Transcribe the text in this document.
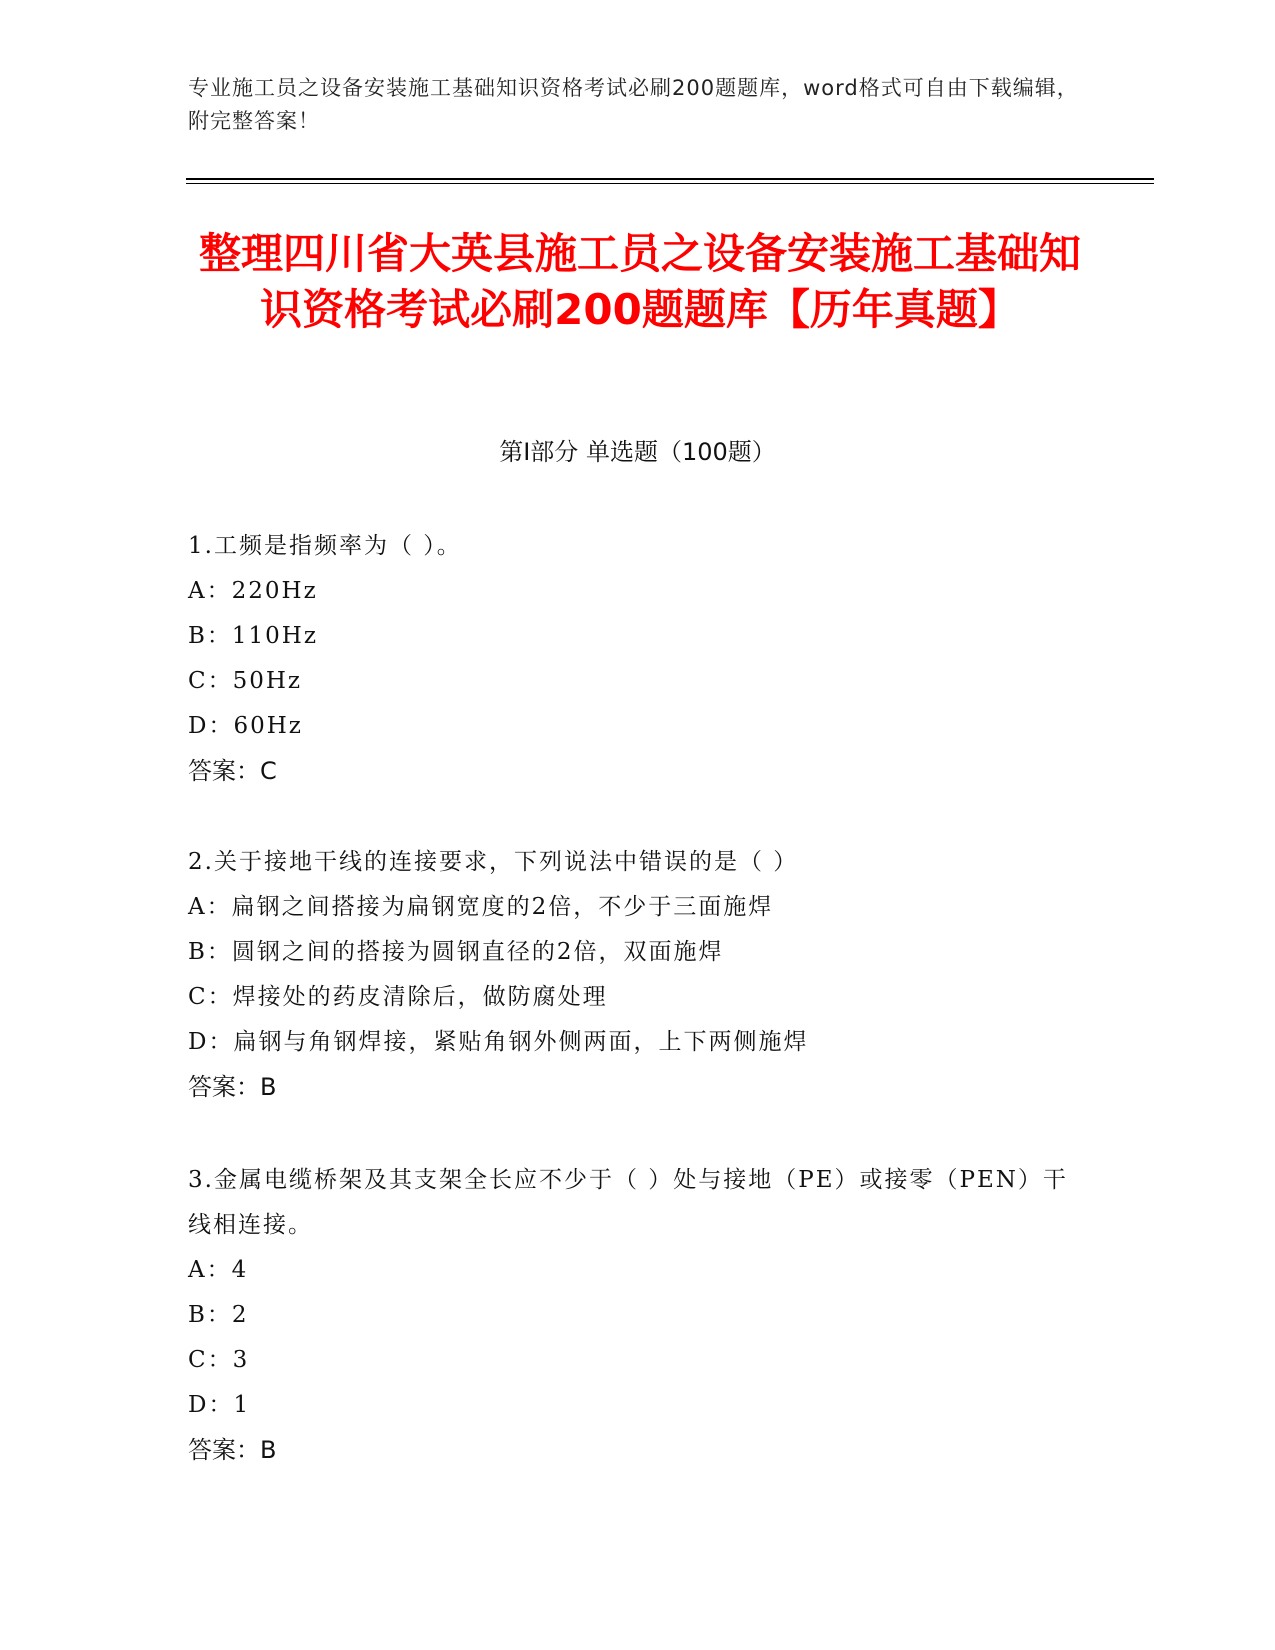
专业施工员之设备安装施工基础知识资格考试必刷200题题库，word格式可自由下载编辑，附完整答案！

整理四川省大英县施工员之设备安装施工基础知识资格考试必刷200题题库【历年真题】
第Ⅰ部分 单选题（100题）

1.工频是指频率为（ ）。

A：220Hz

B：110Hz

C：50Hz

D：60Hz

答案：C

2.关于接地干线的连接要求，下列说法中错误的是（ ）

A：扁钢之间搭接为扁钢宽度的2倍，不少于三面施焊

B：圆钢之间的搭接为圆钢直径的2倍，双面施焊

C：焊接处的药皮清除后，做防腐处理

D：扁钢与角钢焊接，紧贴角钢外侧两面，上下两侧施焊

答案：B

3.金属电缆桥架及其支架全长应不少于（ ）处与接地（PE）或接零（PEN）干线相连接。

A：4

B：2

C：3

D：1

答案：B
